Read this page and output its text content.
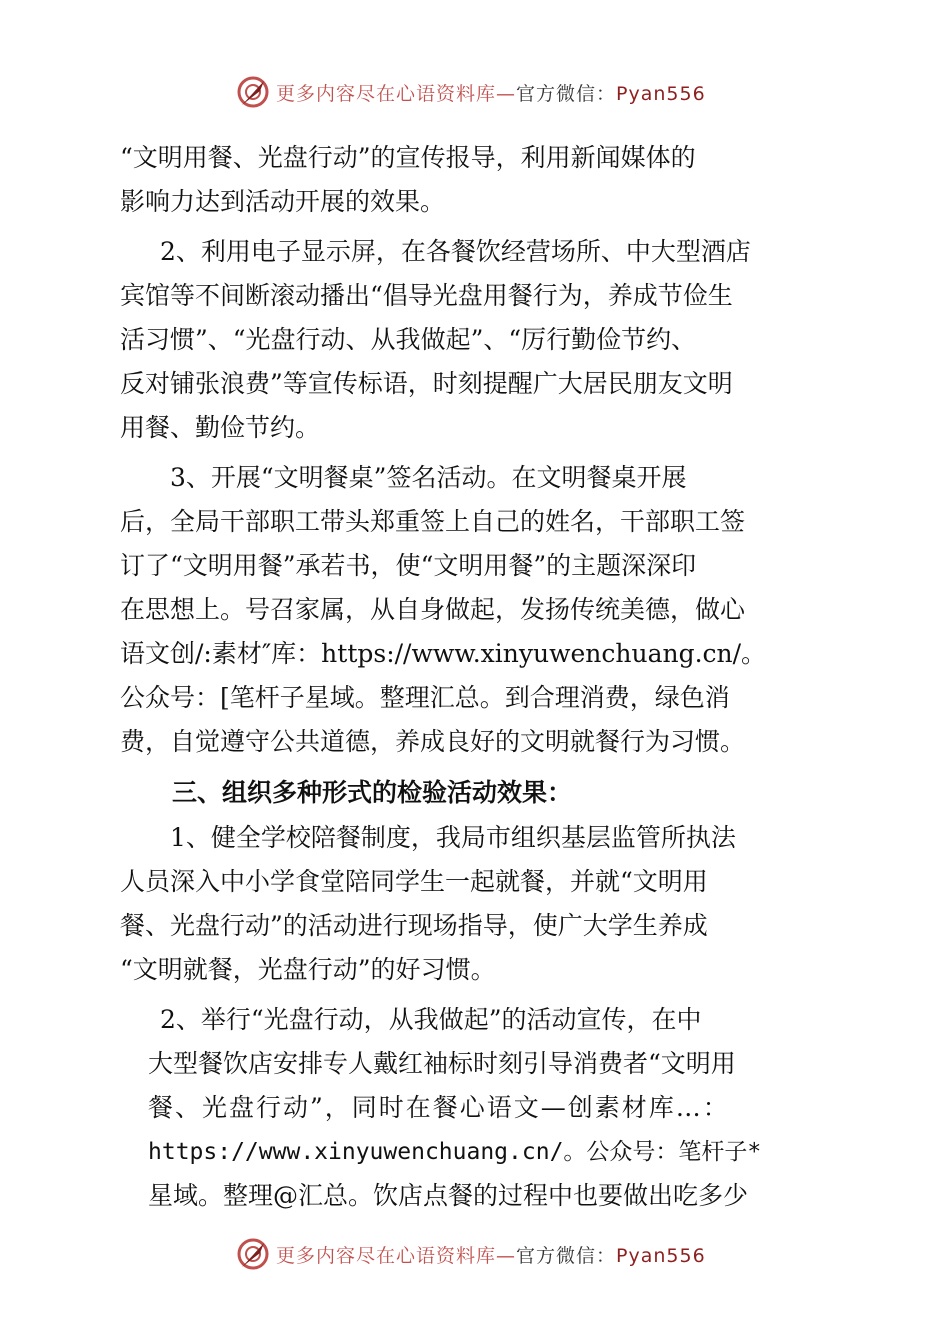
更多内容尽在心语资料库—官方微信：Pyan556

“文明用餐、光盘行动”的宣传报导，利用新闻媒体的

影响力达到活动开展的效果。

2、利用电子显示屏，在各餐饮经营场所、中大型酒店

宾馆等不间断滚动播出“倡导光盘用餐行为，养成节俭生

活习惯”、“光盘行动、从我做起”、“厉行勤俭节约、

反对铺张浪费”等宣传标语，时刻提醒广大居民朋友文明

用餐、勤俭节约。

3、开展“文明餐桌”签名活动。在文明餐桌开展

后，全局干部职工带头郑重签上自己的姓名，干部职工签

订了“文明用餐”承若书，使“文明用餐”的主题深深印

在思想上。号召家属，从自身做起，发扬传统美德，做心

语文创/:素材″库：https://www.xinyuwenchuang.cn/。

公众号：[笔杆子星域。整理汇总。到合理消费，绿色消

费，自觉遵守公共道德，养成良好的文明就餐行为习惯。

三、组织多种形式的检验活动效果：

1、健全学校陪餐制度，我局市组织基层监管所执法

人员深入中小学食堂陪同学生一起就餐，并就“文明用

餐、光盘行动”的活动进行现场指导，使广大学生养成

“文明就餐，光盘行动”的好习惯。

2、举行“光盘行动，从我做起”的活动宣传，在中

大型餐饮店安排专人戴红袖标时刻引导消费者“文明用

餐、光盘行动”，同时在餐心语文—创素材库…：

https://www.xinyuwenchuang.cn/。公众号：笔杆子*

星域。整理@汇总。饮店点餐的过程中也要做出吃多少

更多内容尽在心语资料库—官方微信：Pyan556
